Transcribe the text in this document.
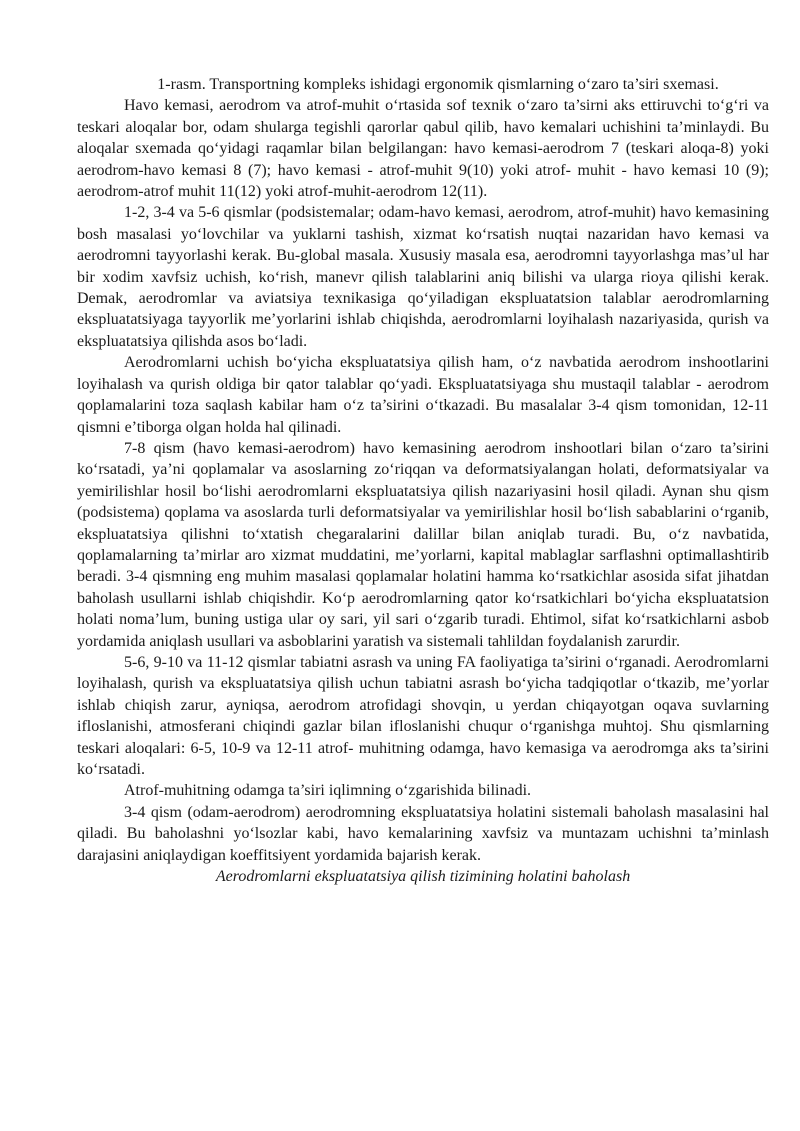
1-rasm. Transportning kompleks ishidagi ergonomik qismlarning o‘zaro ta’siri sxemasi.

Havo kemasi, aerodrom va atrof-muhit o‘rtasida sof texnik o‘zaro ta’sirni aks ettiruvchi to‘g‘ri va teskari aloqalar bor, odam shularga tegishli qarorlar qabul qilib, havo kemalari uchishini ta’minlaydi. Bu aloqalar sxemada qo‘yidagi raqamlar bilan belgilangan: havo kemasi-aerodrom 7 (teskari aloqa-8) yoki aerodrom-havo kemasi 8 (7); havo kemasi - atrof-muhit 9(10) yoki atrof- muhit - havo kemasi 10 (9); aerodrom-atrof muhit 11(12) yoki atrof-muhit-aerodrom 12(11).

1-2, 3-4 va 5-6 qismlar (podsistemalar; odam-havo kemasi, aerodrom, atrof-muhit) havo kemasining bosh masalasi yo‘lovchilar va yuklarni tashish, xizmat ko‘rsatish nuqtai nazaridan havo kemasi va aerodromni tayyorlashi kerak. Bu-global masala. Xususiy masala esa, aerodromni tayyorlashga mas’ul har bir xodim xavfsiz uchish, ko‘rish, manevr qilish talablarini aniq bilishi va ularga rioya qilishi kerak. Demak, aerodromlar va aviatsiya texnikasiga qo‘yiladigan ekspluatatsion talablar aerodromlarning ekspluatatsiyaga tayyorlik me’yorlarini ishlab chiqishda, aerodromlarni loyihalash nazariyasida, qurish va ekspluatatsiya qilishda asos bo‘ladi.

Aerodromlarni uchish bo‘yicha ekspluatatsiya qilish ham, o‘z navbatida aerodrom inshootlarini loyihalash va qurish oldiga bir qator talablar qo‘yadi. Ekspluatatsiyaga shu mustaqil talablar - aerodrom qoplamalarini toza saqlash kabilar ham o‘z ta’sirini o‘tkazadi. Bu masalalar 3-4 qism tomonidan, 12-11 qismni e’tiborga olgan holda hal qilinadi.

7-8 qism (havo kemasi-aerodrom) havo kemasining aerodrom inshootlari bilan o‘zaro ta’sirini ko‘rsatadi, ya’ni qoplamalar va asoslarning zo‘riqqan va deformatsiyalangan holati, deformatsiyalar va yemirilishlar hosil bo‘lishi aerodromlarni ekspluatatsiya qilish nazariyasini hosil qiladi. Aynan shu qism (podsistema) qoplama va asoslarda turli deformatsiyalar va yemirilishlar hosil bo‘lish sabablarini o‘rganib, ekspluatatsiya qilishni to‘xtatish chegaralarini dalillar bilan aniqlab turadi. Bu, o‘z navbatida, qoplamalarning ta’mirlar aro xizmat muddatini, me’yorlarni, kapital mablaglar sarflashni optimallashtirib beradi. 3-4 qismning eng muhim masalasi qoplamalar holatini hamma ko‘rsatkichlar asosida sifat jihatdan baholash usullarni ishlab chiqishdir. Ko‘p aerodromlarning qator ko‘rsatkichlari bo‘yicha ekspluatatsion holati noma’lum, buning ustiga ular oy sari, yil sari o‘zgarib turadi. Ehtimol, sifat ko‘rsatkichlarni asbob yordamida aniqlash usullari va asboblarini yaratish va sistemali tahlildan foydalanish zarurdir.

5-6, 9-10 va 11-12 qismlar tabiatni asrash va uning FA faoliyatiga ta’sirini o‘rganadi. Aerodromlarni loyihalash, qurish va ekspluatatsiya qilish uchun tabiatni asrash bo‘yicha tadqiqotlar o‘tkazib, me’yorlar ishlab chiqish zarur, ayniqsa, aerodrom atrofidagi shovqin, u yerdan chiqayotgan oqava suvlarning ifloslanishi, atmosferani chiqindi gazlar bilan ifloslanishi chuqur o‘rganishga muhtoj. Shu qismlarning teskari aloqalari: 6-5, 10-9 va 12-11 atrof- muhitning odamga, havo kemasiga va aerodromga aks ta’sirini ko‘rsatadi.

Atrof-muhitning odamga ta’siri iqlimning o‘zgarishida bilinadi.

3-4 qism (odam-aerodrom) aerodromning ekspluatatsiya holatini sistemali baholash masalasini hal qiladi. Bu baholashni yo‘lsozlar kabi, havo kemalarining xavfsiz va muntazam uchishni ta’minlash darajasini aniqlaydigan koeffitsiyent yordamida bajarish kerak.

Aerodromlarni ekspluatatsiya qilish tizimining holatini baholash
